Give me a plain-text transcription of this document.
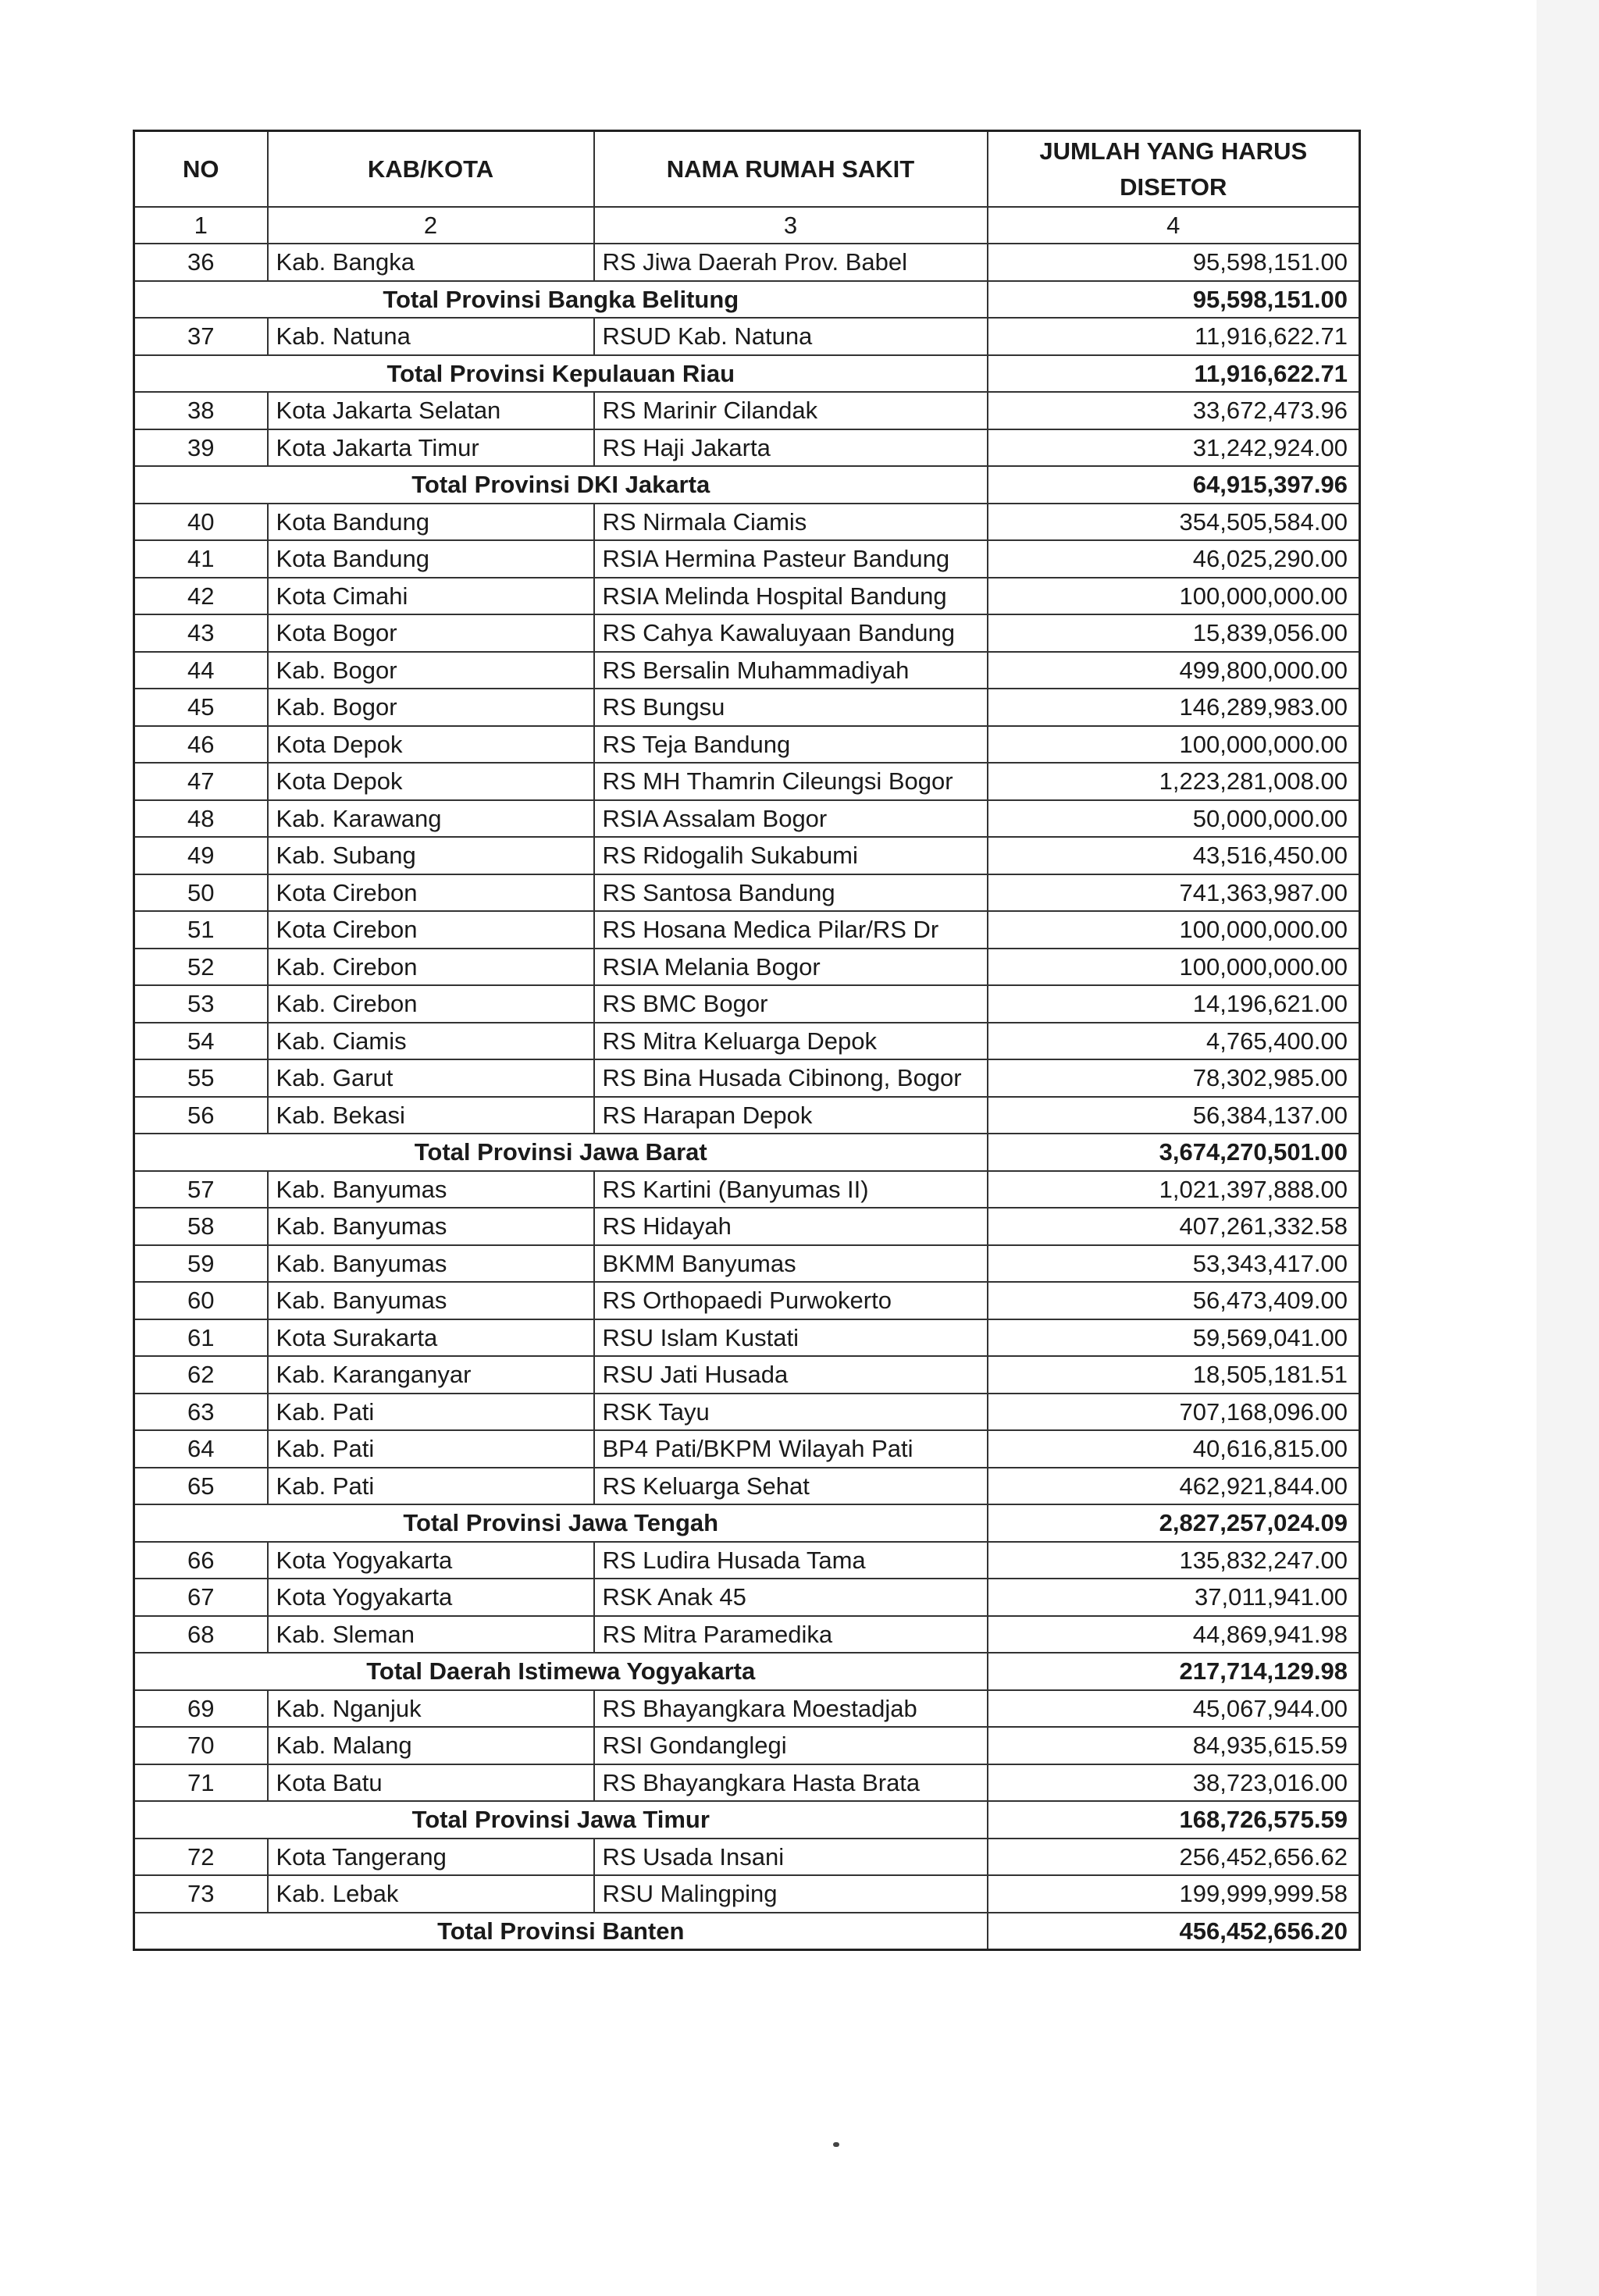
NO	KAB/KOTA	NAMA RUMAH SAKIT	JUMLAH YANG HARUS DISETOR
1	2	3	4
36	Kab. Bangka	RS Jiwa Daerah Prov. Babel	95,598,151.00
Total Provinsi Bangka Belitung			95,598,151.00
37	Kab. Natuna	RSUD Kab. Natuna	11,916,622.71
Total Provinsi Kepulauan Riau			11,916,622.71
38	Kota Jakarta Selatan	RS Marinir Cilandak	33,672,473.96
39	Kota Jakarta Timur	RS Haji Jakarta	31,242,924.00
Total Provinsi DKI Jakarta			64,915,397.96
40	Kota Bandung	RS Nirmala Ciamis	354,505,584.00
41	Kota Bandung	RSIA Hermina Pasteur Bandung	46,025,290.00
42	Kota Cimahi	RSIA Melinda Hospital Bandung	100,000,000.00
43	Kota Bogor	RS Cahya Kawaluyaan Bandung	15,839,056.00
44	Kab. Bogor	RS Bersalin Muhammadiyah	499,800,000.00
45	Kab. Bogor	RS Bungsu	146,289,983.00
46	Kota Depok	RS Teja Bandung	100,000,000.00
47	Kota Depok	RS MH Thamrin Cileungsi Bogor	1,223,281,008.00
48	Kab. Karawang	RSIA Assalam Bogor	50,000,000.00
49	Kab. Subang	RS Ridogalih Sukabumi	43,516,450.00
50	Kota Cirebon	RS Santosa Bandung	741,363,987.00
51	Kota Cirebon	RS Hosana Medica Pilar/RS Dr	100,000,000.00
52	Kab. Cirebon	RSIA Melania Bogor	100,000,000.00
53	Kab. Cirebon	RS BMC Bogor	14,196,621.00
54	Kab. Ciamis	RS Mitra Keluarga Depok	4,765,400.00
55	Kab. Garut	RS Bina Husada Cibinong, Bogor	78,302,985.00
56	Kab. Bekasi	RS Harapan Depok	56,384,137.00
Total Provinsi Jawa Barat			3,674,270,501.00
57	Kab. Banyumas	RS Kartini (Banyumas II)	1,021,397,888.00
58	Kab. Banyumas	RS Hidayah	407,261,332.58
59	Kab. Banyumas	BKMM Banyumas	53,343,417.00
60	Kab. Banyumas	RS Orthopaedi Purwokerto	56,473,409.00
61	Kota Surakarta	RSU Islam Kustati	59,569,041.00
62	Kab. Karanganyar	RSU Jati Husada	18,505,181.51
63	Kab. Pati	RSK Tayu	707,168,096.00
64	Kab. Pati	BP4 Pati/BKPM Wilayah Pati	40,616,815.00
65	Kab. Pati	RS Keluarga Sehat	462,921,844.00
Total Provinsi Jawa Tengah			2,827,257,024.09
66	Kota Yogyakarta	RS Ludira Husada Tama	135,832,247.00
67	Kota Yogyakarta	RSK Anak 45	37,011,941.00
68	Kab. Sleman	RS Mitra Paramedika	44,869,941.98
Total Daerah Istimewa Yogyakarta			217,714,129.98
69	Kab. Nganjuk	RS Bhayangkara Moestadjab	45,067,944.00
70	Kab. Malang	RSI Gondanglegi	84,935,615.59
71	Kota Batu	RS Bhayangkara Hasta Brata	38,723,016.00
Total Provinsi Jawa Timur			168,726,575.59
72	Kota Tangerang	RS Usada Insani	256,452,656.62
73	Kab. Lebak	RSU Malingping	199,999,999.58
Total Provinsi Banten			456,452,656.20
